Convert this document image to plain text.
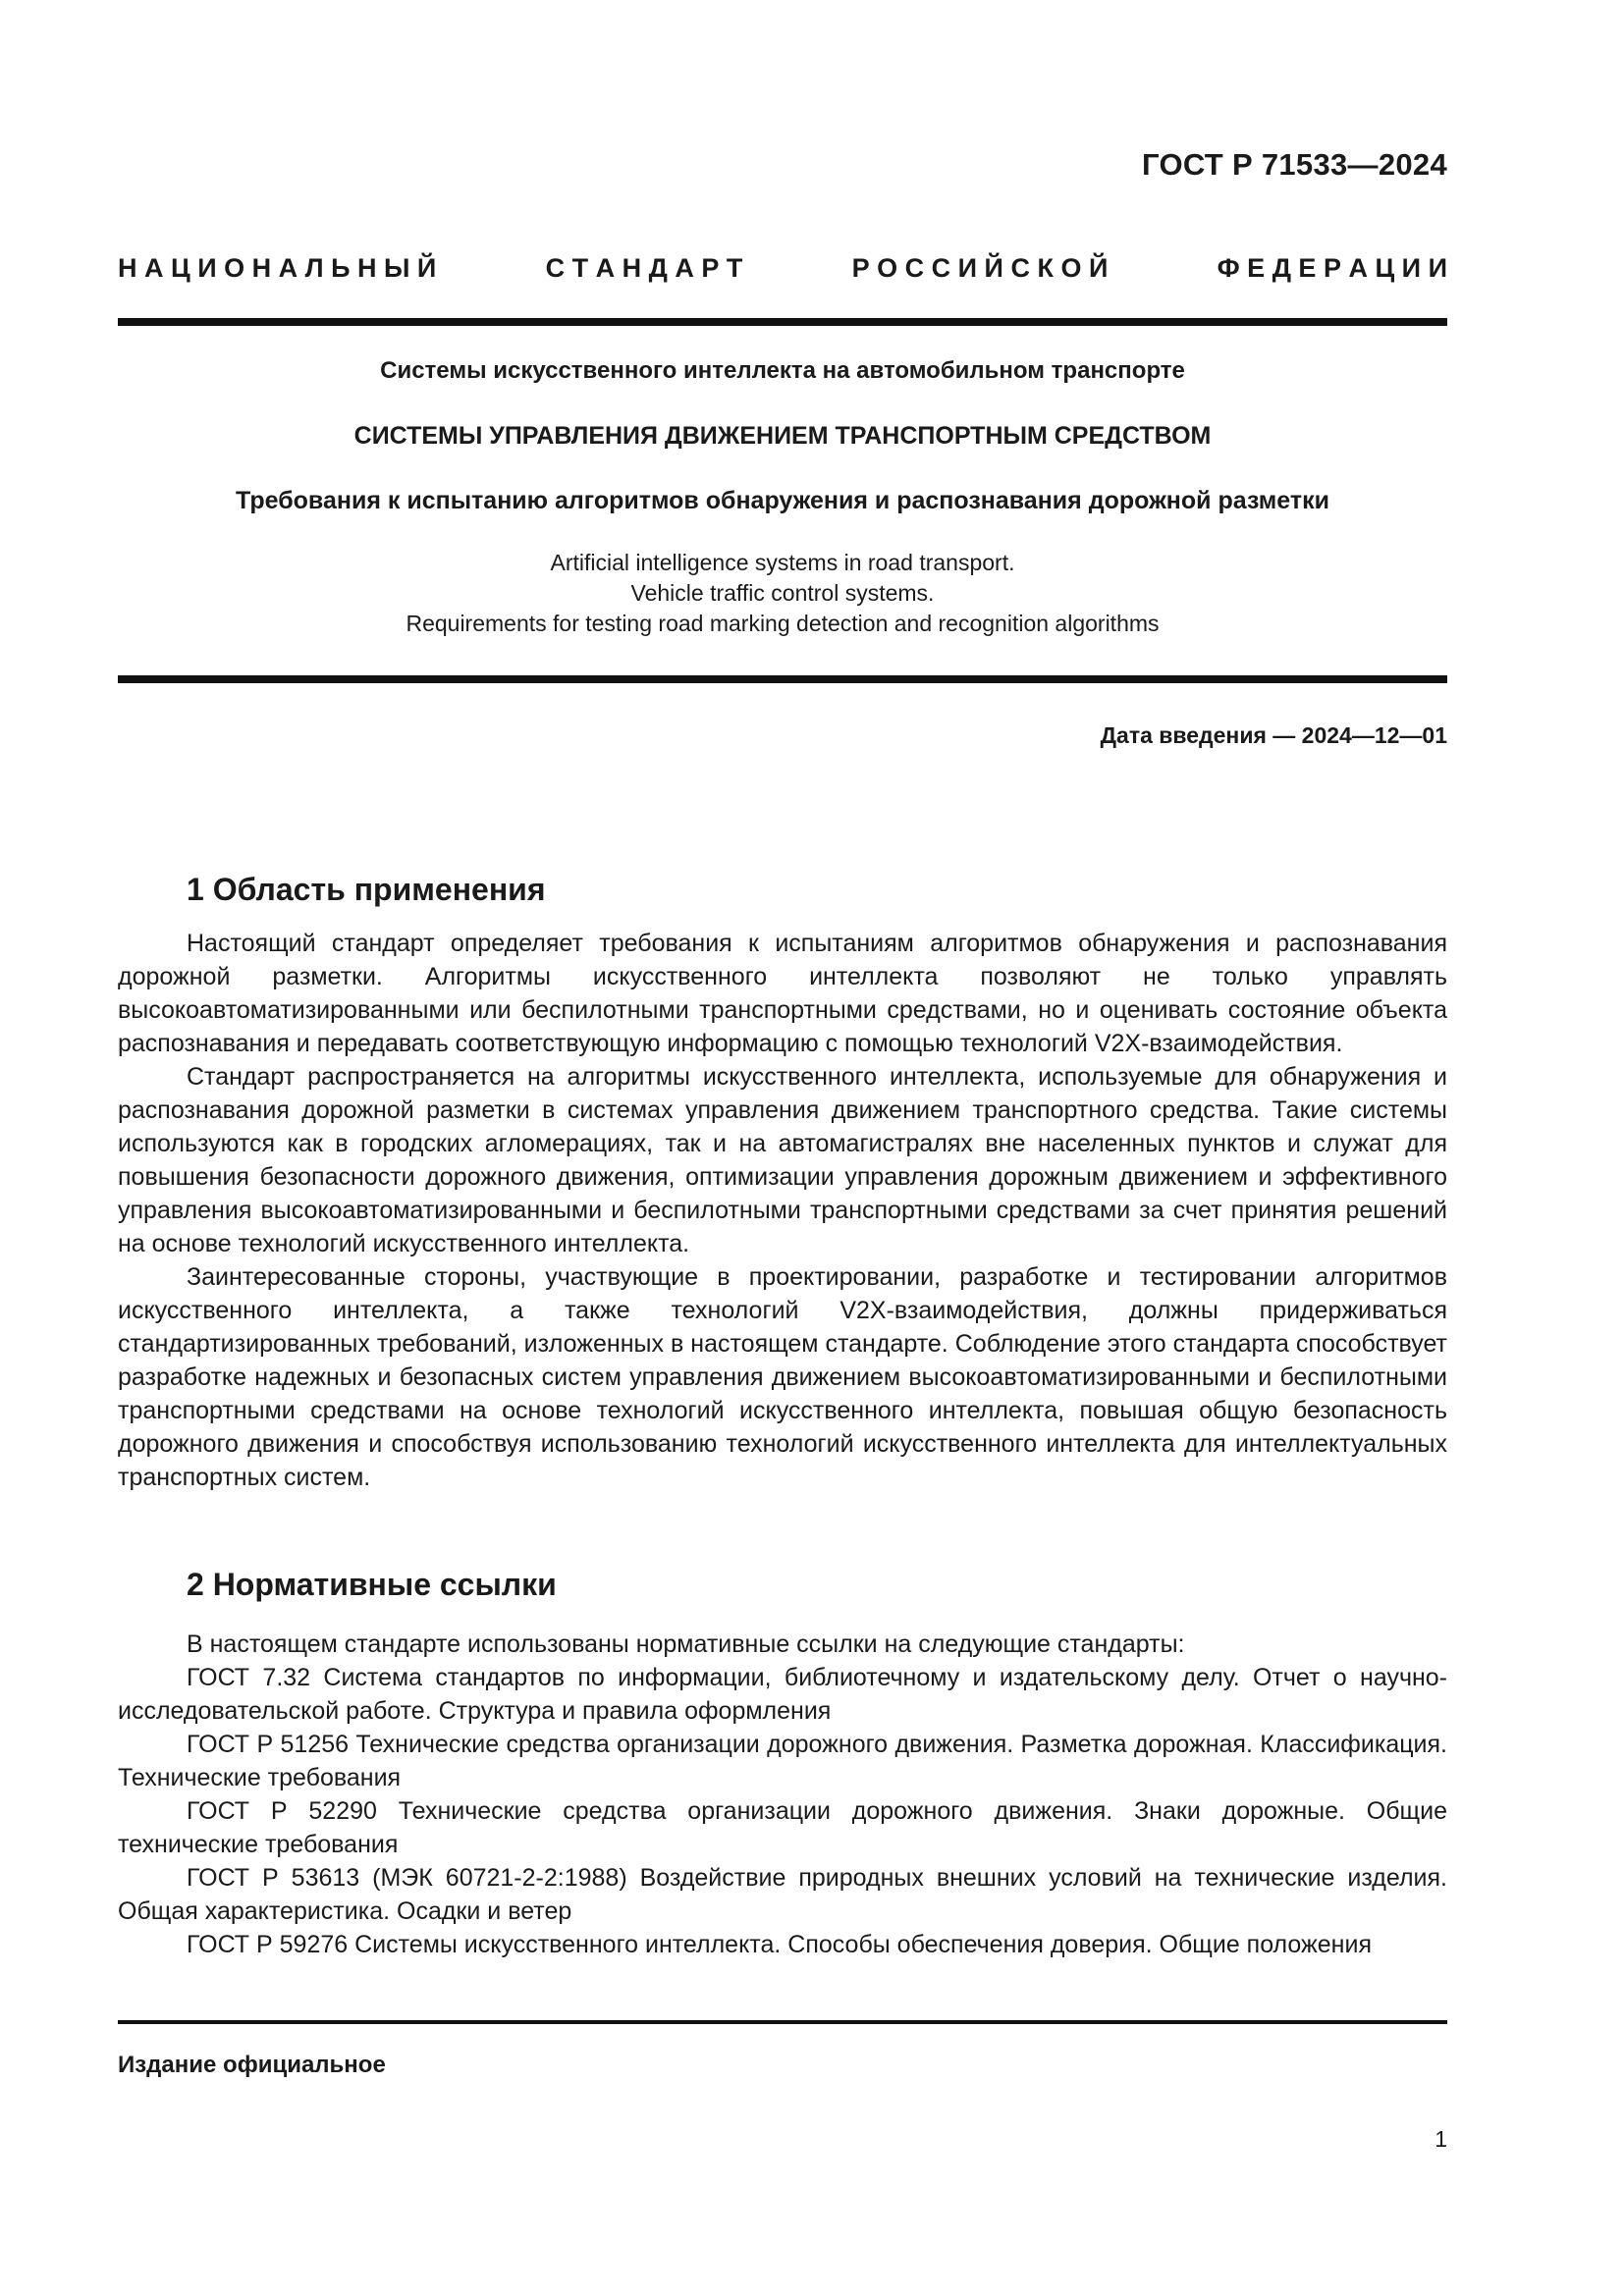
ГОСТ Р 71533—2024
Н А Ц И О Н А Л Ь Н Ы Й	С Т А Н Д А Р Т	Р О С С И Й С К О Й	Ф Е Д Е Р А Ц И И
Системы искусственного интеллекта на автомобильном транспорте
СИСТЕМЫ УПРАВЛЕНИЯ ДВИЖЕНИЕМ ТРАНСПОРТНЫМ СРЕДСТВОМ
Требования к испытанию алгоритмов обнаружения и распознавания дорожной разметки
Artificial intelligence systems in road transport.
Vehicle traffic control systems.
Requirements for testing road marking detection and recognition algorithms
Дата введения — 2024—12—01
1 Область применения

Настоящий стандарт определяет требования к испытаниям алгоритмов обнаружения и распознавания дорожной разметки. Алгоритмы искусственного интеллекта позволяют не только управлять высокоавтоматизированными или беспилотными транспортными средствами, но и оценивать состояние объекта распознавания и передавать соответствующую информацию с помощью технологий V2X-взаимодействия.

Стандарт распространяется на алгоритмы искусственного интеллекта, используемые для обнаружения и распознавания дорожной разметки в системах управления движением транспортного средства. Такие системы используются как в городских агломерациях, так и на автомагистралях вне населенных пунктов и служат для повышения безопасности дорожного движения, оптимизации управления дорожным движением и эффективного управления высокоавтоматизированными и беспилотными транспортными средствами за счет принятия решений на основе технологий искусственного интеллекта.

Заинтересованные стороны, участвующие в проектировании, разработке и тестировании алгоритмов искусственного интеллекта, а также технологий V2X-взаимодействия, должны придерживаться стандартизированных требований, изложенных в настоящем стандарте. Соблюдение этого стандарта способствует разработке надежных и безопасных систем управления движением высокоавтоматизированными и беспилотными транспортными средствами на основе технологий искусственного интеллекта, повышая общую безопасность дорожного движения и способствуя использованию технологий искусственного интеллекта для интеллектуальных транспортных систем.

2 Нормативные ссылки

В настоящем стандарте использованы нормативные ссылки на следующие стандарты:

ГОСТ 7.32 Система стандартов по информации, библиотечному и издательскому делу. Отчет о научно-исследовательской работе. Структура и правила оформления

ГОСТ Р 51256 Технические средства организации дорожного движения. Разметка дорожная. Классификация. Технические требования

ГОСТ Р 52290 Технические средства организации дорожного движения. Знаки дорожные. Общие технические требования

ГОСТ Р 53613 (МЭК 60721-2-2:1988) Воздействие природных внешних условий на технические изделия. Общая характеристика. Осадки и ветер

ГОСТ Р 59276 Системы искусственного интеллекта. Способы обеспечения доверия. Общие положения

Издание официальное
1
